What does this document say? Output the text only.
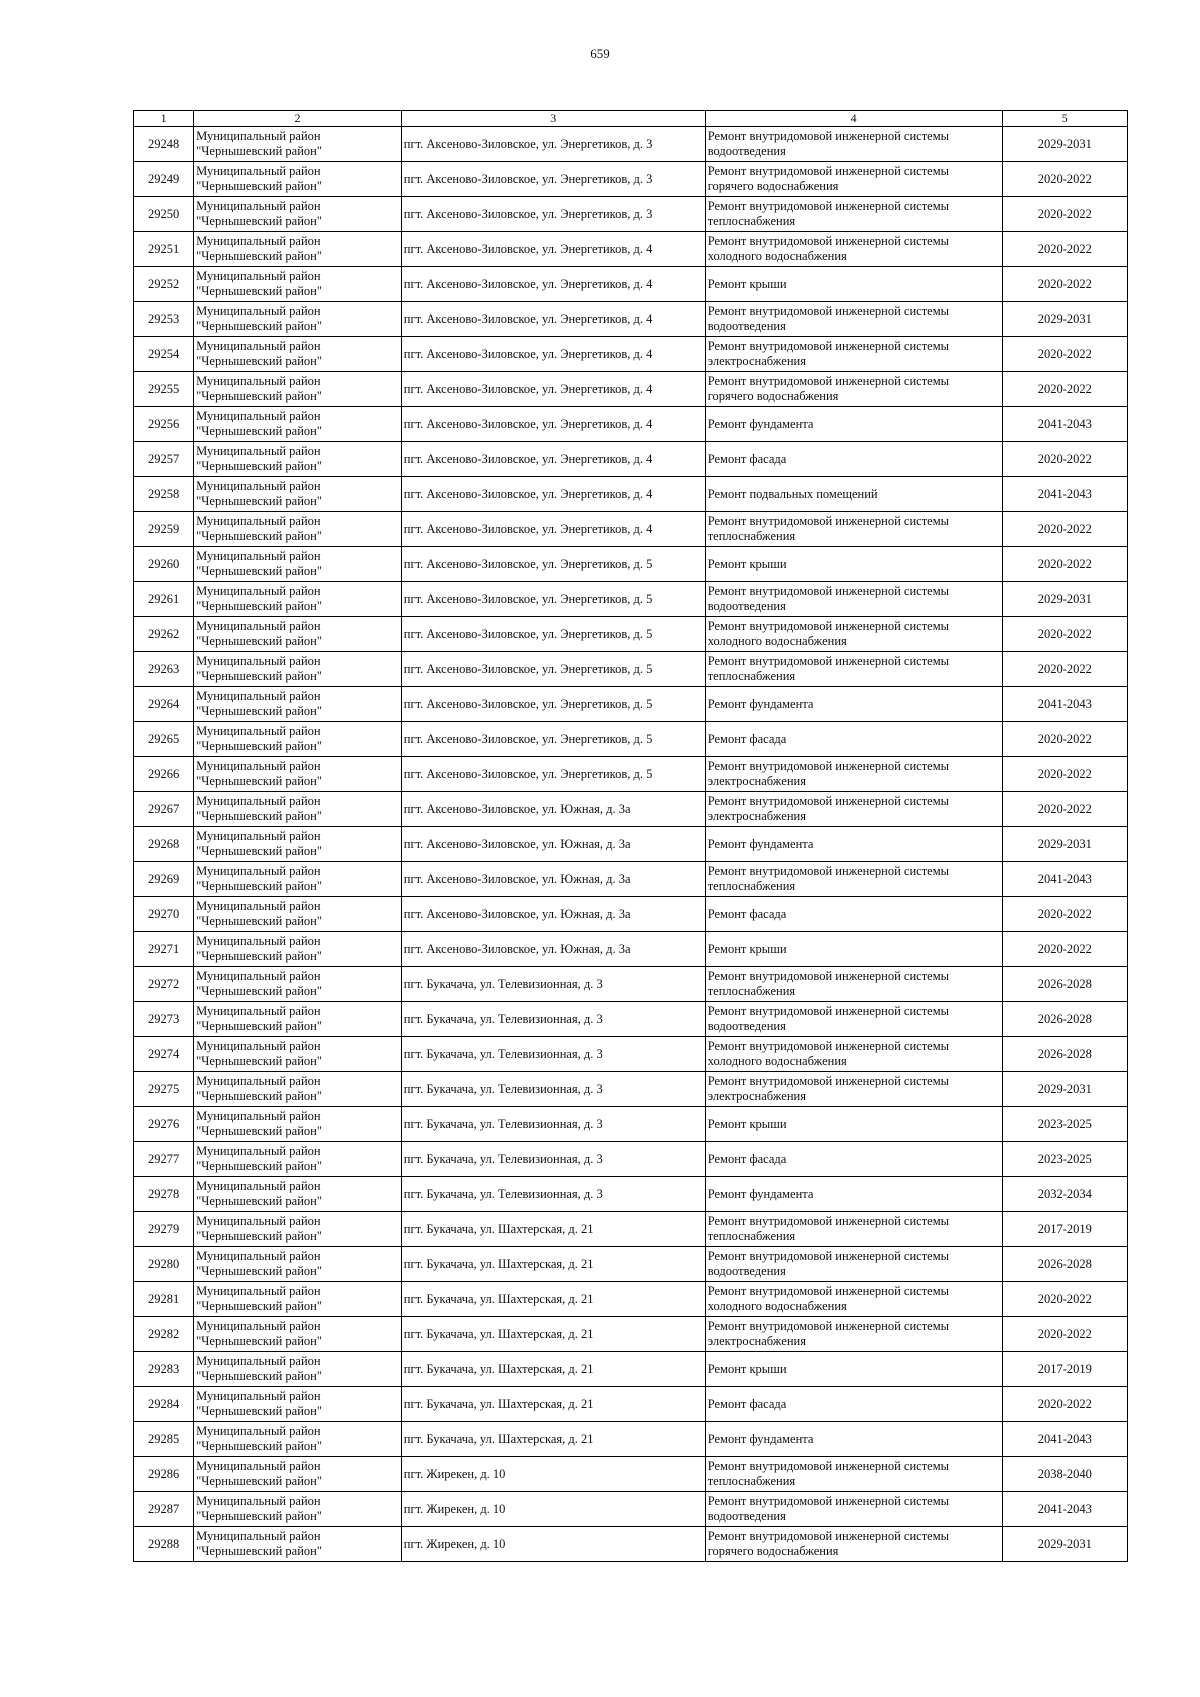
659
1	2	3	4	5
29248	Муниципальный район
"Чернышевский район"	пгт. Аксеново-Зиловское, ул. Энергетиков, д. 3	Ремонт внутридомовой инженерной системы
водоотведения	2029-2031
29249	Муниципальный район
"Чернышевский район"	пгт. Аксеново-Зиловское, ул. Энергетиков, д. 3	Ремонт внутридомовой инженерной системы
горячего водоснабжения	2020-2022
29250	Муниципальный район
"Чернышевский район"	пгт. Аксеново-Зиловское, ул. Энергетиков, д. 3	Ремонт внутридомовой инженерной системы
теплоснабжения	2020-2022
29251	Муниципальный район
"Чернышевский район"	пгт. Аксеново-Зиловское, ул. Энергетиков, д. 4	Ремонт внутридомовой инженерной системы
холодного водоснабжения	2020-2022
29252	Муниципальный район
"Чернышевский район"	пгт. Аксеново-Зиловское, ул. Энергетиков, д. 4	Ремонт крыши	2020-2022
29253	Муниципальный район
"Чернышевский район"	пгт. Аксеново-Зиловское, ул. Энергетиков, д. 4	Ремонт внутридомовой инженерной системы
водоотведения	2029-2031
29254	Муниципальный район
"Чернышевский район"	пгт. Аксеново-Зиловское, ул. Энергетиков, д. 4	Ремонт внутридомовой инженерной системы
электроснабжения	2020-2022
29255	Муниципальный район
"Чернышевский район"	пгт. Аксеново-Зиловское, ул. Энергетиков, д. 4	Ремонт внутридомовой инженерной системы
горячего водоснабжения	2020-2022
29256	Муниципальный район
"Чернышевский район"	пгт. Аксеново-Зиловское, ул. Энергетиков, д. 4	Ремонт фундамента	2041-2043
29257	Муниципальный район
"Чернышевский район"	пгт. Аксеново-Зиловское, ул. Энергетиков, д. 4	Ремонт фасада	2020-2022
29258	Муниципальный район
"Чернышевский район"	пгт. Аксеново-Зиловское, ул. Энергетиков, д. 4	Ремонт подвальных помещений	2041-2043
29259	Муниципальный район
"Чернышевский район"	пгт. Аксеново-Зиловское, ул. Энергетиков, д. 4	Ремонт внутридомовой инженерной системы
теплоснабжения	2020-2022
29260	Муниципальный район
"Чернышевский район"	пгт. Аксеново-Зиловское, ул. Энергетиков, д. 5	Ремонт крыши	2020-2022
29261	Муниципальный район
"Чернышевский район"	пгт. Аксеново-Зиловское, ул. Энергетиков, д. 5	Ремонт внутридомовой инженерной системы
водоотведения	2029-2031
29262	Муниципальный район
"Чернышевский район"	пгт. Аксеново-Зиловское, ул. Энергетиков, д. 5	Ремонт внутридомовой инженерной системы
холодного водоснабжения	2020-2022
29263	Муниципальный район
"Чернышевский район"	пгт. Аксеново-Зиловское, ул. Энергетиков, д. 5	Ремонт внутридомовой инженерной системы
теплоснабжения	2020-2022
29264	Муниципальный район
"Чернышевский район"	пгт. Аксеново-Зиловское, ул. Энергетиков, д. 5	Ремонт фундамента	2041-2043
29265	Муниципальный район
"Чернышевский район"	пгт. Аксеново-Зиловское, ул. Энергетиков, д. 5	Ремонт фасада	2020-2022
29266	Муниципальный район
"Чернышевский район"	пгт. Аксеново-Зиловское, ул. Энергетиков, д. 5	Ремонт внутридомовой инженерной системы
электроснабжения	2020-2022
29267	Муниципальный район
"Чернышевский район"	пгт. Аксеново-Зиловское, ул. Южная, д. 3а	Ремонт внутридомовой инженерной системы
электроснабжения	2020-2022
29268	Муниципальный район
"Чернышевский район"	пгт. Аксеново-Зиловское, ул. Южная, д. 3а	Ремонт фундамента	2029-2031
29269	Муниципальный район
"Чернышевский район"	пгт. Аксеново-Зиловское, ул. Южная, д. 3а	Ремонт внутридомовой инженерной системы
теплоснабжения	2041-2043
29270	Муниципальный район
"Чернышевский район"	пгт. Аксеново-Зиловское, ул. Южная, д. 3а	Ремонт фасада	2020-2022
29271	Муниципальный район
"Чернышевский район"	пгт. Аксеново-Зиловское, ул. Южная, д. 3а	Ремонт крыши	2020-2022
29272	Муниципальный район
"Чернышевский район"	пгт. Букачача, ул. Телевизионная, д. 3	Ремонт внутридомовой инженерной системы
теплоснабжения	2026-2028
29273	Муниципальный район
"Чернышевский район"	пгт. Букачача, ул. Телевизионная, д. 3	Ремонт внутридомовой инженерной системы
водоотведения	2026-2028
29274	Муниципальный район
"Чернышевский район"	пгт. Букачача, ул. Телевизионная, д. 3	Ремонт внутридомовой инженерной системы
холодного водоснабжения	2026-2028
29275	Муниципальный район
"Чернышевский район"	пгт. Букачача, ул. Телевизионная, д. 3	Ремонт внутридомовой инженерной системы
электроснабжения	2029-2031
29276	Муниципальный район
"Чернышевский район"	пгт. Букачача, ул. Телевизионная, д. 3	Ремонт крыши	2023-2025
29277	Муниципальный район
"Чернышевский район"	пгт. Букачача, ул. Телевизионная, д. 3	Ремонт фасада	2023-2025
29278	Муниципальный район
"Чернышевский район"	пгт. Букачача, ул. Телевизионная, д. 3	Ремонт фундамента	2032-2034
29279	Муниципальный район
"Чернышевский район"	пгт. Букачача, ул. Шахтерская, д. 21	Ремонт внутридомовой инженерной системы
теплоснабжения	2017-2019
29280	Муниципальный район
"Чернышевский район"	пгт. Букачача, ул. Шахтерская, д. 21	Ремонт внутридомовой инженерной системы
водоотведения	2026-2028
29281	Муниципальный район
"Чернышевский район"	пгт. Букачача, ул. Шахтерская, д. 21	Ремонт внутридомовой инженерной системы
холодного водоснабжения	2020-2022
29282	Муниципальный район
"Чернышевский район"	пгт. Букачача, ул. Шахтерская, д. 21	Ремонт внутридомовой инженерной системы
электроснабжения	2020-2022
29283	Муниципальный район
"Чернышевский район"	пгт. Букачача, ул. Шахтерская, д. 21	Ремонт крыши	2017-2019
29284	Муниципальный район
"Чернышевский район"	пгт. Букачача, ул. Шахтерская, д. 21	Ремонт фасада	2020-2022
29285	Муниципальный район
"Чернышевский район"	пгт. Букачача, ул. Шахтерская, д. 21	Ремонт фундамента	2041-2043
29286	Муниципальный район
"Чернышевский район"	пгт. Жирекен, д. 10	Ремонт внутридомовой инженерной системы
теплоснабжения	2038-2040
29287	Муниципальный район
"Чернышевский район"	пгт. Жирекен, д. 10	Ремонт внутридомовой инженерной системы
водоотведения	2041-2043
29288	Муниципальный район
"Чернышевский район"	пгт. Жирекен, д. 10	Ремонт внутридомовой инженерной системы
горячего водоснабжения	2029-2031
